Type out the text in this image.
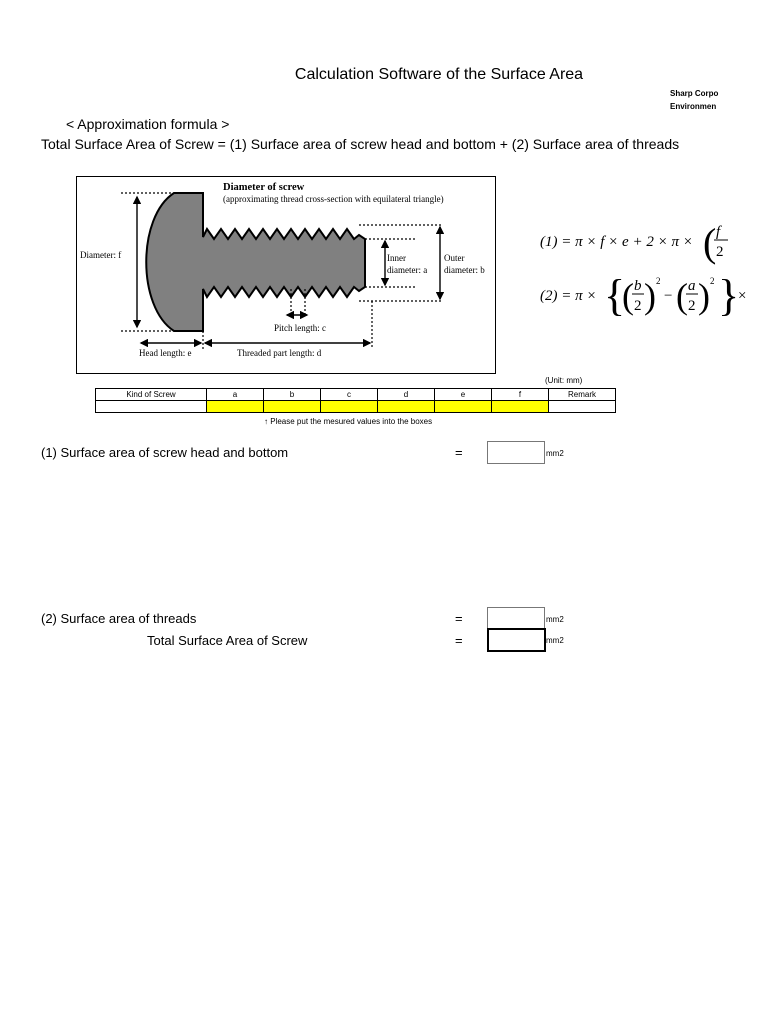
Calculation Software of the Surface Area
Sharp Corpo
Environmen
< Approximation formula >
Total Surface Area of Screw = (1) Surface area of screw head and bottom + (2) Surface area of threads
Diameter of screw
(approximating thread cross-section with equilateral triangle)
Diameter: f	Inner
diameter: a
Outer
diameter: b
Pitch length: c
Head length: e	Threaded part length: d
(1) = π × f × e + 2 × π × ( f
2
(2) = π × {
( b
2 ) 2
− ( a
2 ) 2 }
×
(Unit: mm)
Kind of Screw	a	b	c	d	e	f	Remark

↑ Please put the mesured values into the boxes
(1) Surface area of screw head and bottom	=	mm2
(2) Surface area of threads	=	mm2
Total Surface Area of Screw	=	mm2
